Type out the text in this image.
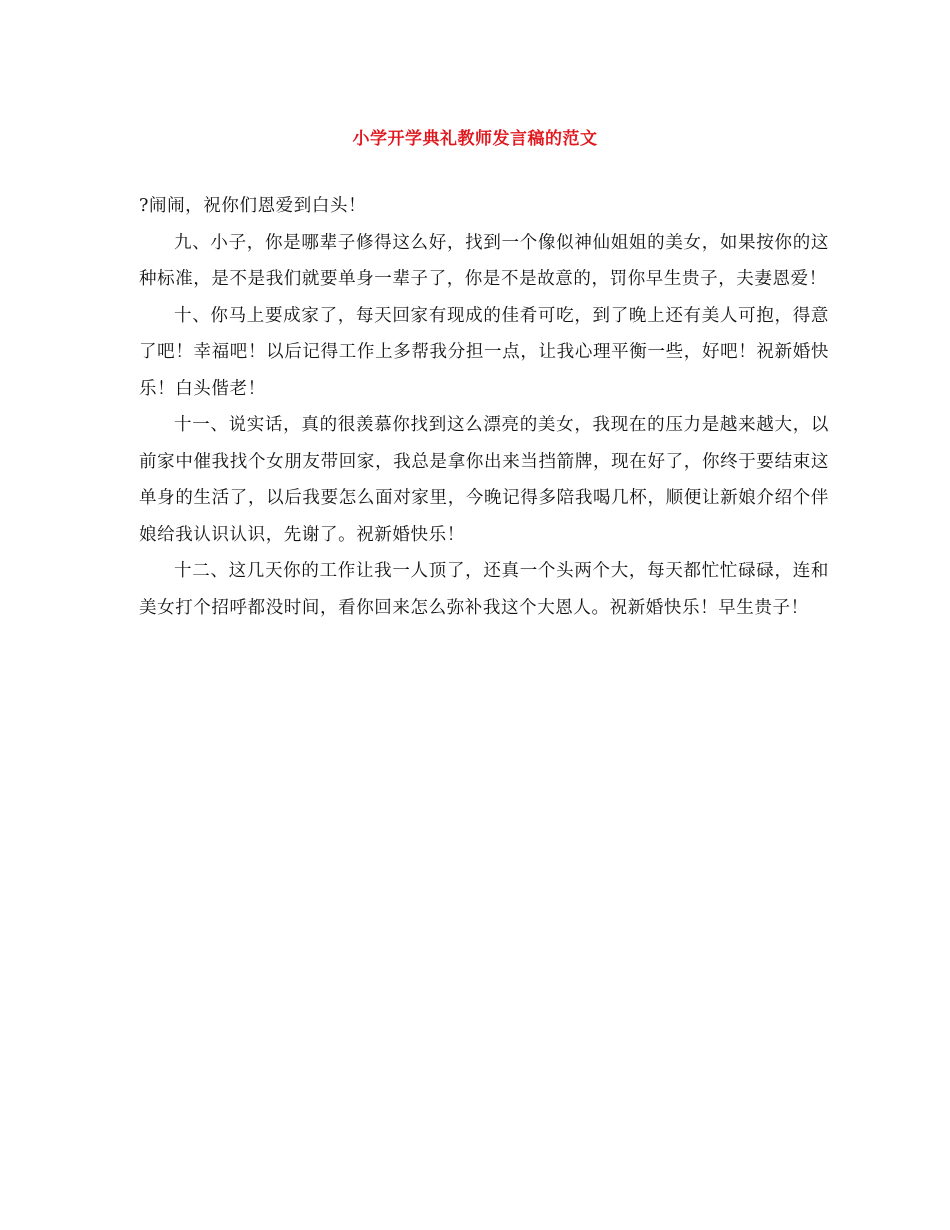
小学开学典礼教师发言稿的范文

?闹闹，祝你们恩爱到白头！

九、小子，你是哪辈子修得这么好，找到一个像似神仙姐姐的美女，如果按你的这种标准，是不是我们就要单身一辈子了，你是不是故意的，罚你早生贵子，夫妻恩爱！

十、你马上要成家了，每天回家有现成的佳肴可吃，到了晚上还有美人可抱，得意了吧！幸福吧！以后记得工作上多帮我分担一点，让我心理平衡一些，好吧！祝新婚快乐！白头偕老！

十一、说实话，真的很羡慕你找到这么漂亮的美女，我现在的压力是越来越大，以前家中催我找个女朋友带回家，我总是拿你出来当挡箭牌，现在好了，你终于要结束这单身的生活了，以后我要怎么面对家里，今晚记得多陪我喝几杯，顺便让新娘介绍个伴娘给我认识认识，先谢了。祝新婚快乐！

十二、这几天你的工作让我一人顶了，还真一个头两个大，每天都忙忙碌碌，连和美女打个招呼都没时间，看你回来怎么弥补我这个大恩人。祝新婚快乐！早生贵子！
